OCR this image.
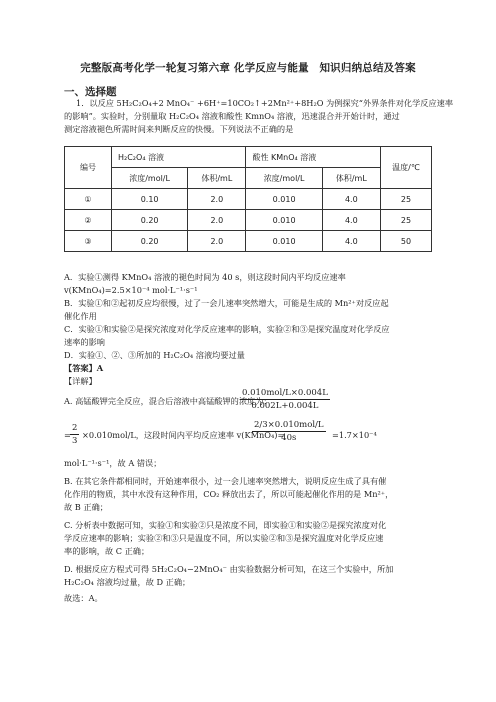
完整版高考化学一轮复习第六章 化学反应与能量　知识归纳总结及答案
一、选择题
1．以反应 5H₂C₂O₄+2 MnO₄⁻ +6H⁺=10CO₂↑+2Mn²⁺+8H₂O 为例探究“外界条件对化学反应速率
的影响”。实验时，分别量取 H₂C₂O₄ 溶液和酸性 KmnO₄ 溶液，迅速混合并开始计时，通过
测定溶液褪色所需时间来判断反应的快慢。下列说法不正确的是
编号	H₂C₂O₄ 溶液		酸性 KMnO₄ 溶液		温度/℃
	浓度/mol/L	体积/mL	浓度/mol/L	体积/mL	
①	0.10	2.0	0.010	4.0	25
②	0.20	2.0	0.010	4.0	25
③	0.20	2.0	0.010	4.0	50
A．实验①测得 KMnO₄ 溶液的褪色时间为 40 s，则这段时间内平均反应速率
v(KMnO₄)=2.5×10⁻⁴ mol·L⁻¹·s⁻¹
B．实验①和②起初反应均很慢，过了一会儿速率突然增大，可能是生成的 Mn²⁺对反应起
催化作用
C．实验①和实验②是探究浓度对化学反应速率的影响，实验②和③是探究温度对化学反应
速率的影响
D．实验①、②、③所加的 H₂C₂O₄ 溶液均要过量
【答案】A
【详解】
A. 高锰酸钾完全反应，混合后溶液中高锰酸钾的浓度为：
0.010mol/L×0.004L
0.002L+0.004L
= $\frac{2}{3} \times 0.010mol/L$，这段时间内平均反应速率 v(KMnO₄)=
2/3×0.010mol/L
40s	=1.7×10⁻⁴
mol·L⁻¹·s⁻¹，故 A 错误；
B. 在其它条件都相同时，开始速率很小，过一会儿速率突然增大，说明反应生成了具有催
化作用的物质，其中水没有这种作用，CO₂ 释放出去了，所以可能起催化作用的是 Mn²⁺，
故 B 正确；
C. 分析表中数据可知，实验①和实验②只是浓度不同，即实验①和实验②是探究浓度对化
学反应速率的影响；实验②和③只是温度不同，所以实验②和③是探究温度对化学反应速
率的影响，故 C 正确；
D. 根据反应方程式可得 5H₂C₂O₄−2MnO₄⁻ 由实验数据分析可知，在这三个实验中，所加
H₂C₂O₄ 溶液均过量，故 D 正确；
故选：A。
